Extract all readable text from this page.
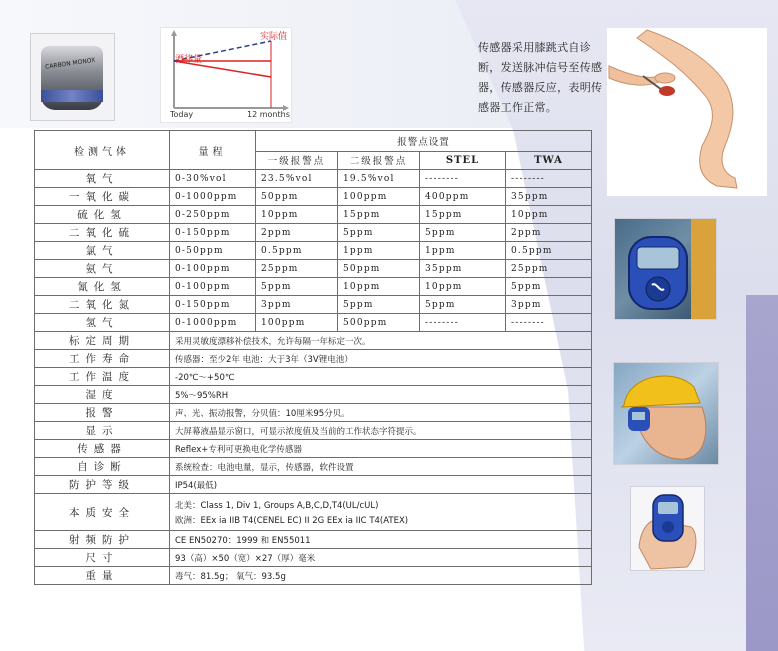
CARBON MONOX	漂移量
实际值
Today	12 months
传感器采用膝跳式自诊断，发送脉冲信号至传感器，传感器反应，表明传感器工作正常。
检测气体	量程	报警点设置			
		一级报警点	二级报警点	STEL	TWA
氧气	0-30%vol	23.5%vol	19.5%vol	--------	--------
一氧化碳	0-1000ppm	50ppm	100ppm	400ppm	35ppm
硫化氢	0-250ppm	10ppm	15ppm	15ppm	10ppm
二氧化硫	0-150ppm	2ppm	5ppm	5ppm	2ppm
氯气	0-50ppm	0.5ppm	1ppm	1ppm	0.5ppm
氨气	0-100ppm	25ppm	50ppm	35ppm	25ppm
氰化氢	0-100ppm	5ppm	10ppm	10ppm	5ppm
二氧化氮	0-150ppm	3ppm	5ppm	5ppm	3ppm
氢气	0-1000ppm	100ppm	500ppm	--------	--------
标定周期	采用灵敏度漂移补偿技术，允许每隔一年标定一次。				
工作寿命	传感器：至少2年 电池：大于3年（3V锂电池）				
工作温度	-20℃～+50℃				
湿度	5%～95%RH				
报警	声、光、振动报警，分贝值：10厘米95分贝。				
显示	大屏幕液晶显示窗口，可显示浓度值及当前的工作状态字符提示。				
传感器	Reflex+专利可更换电化学传感器				
自诊断	系统检查：电池电量，显示，传感器，软件设置				
防护等级	IP54(最低)				
本质安全	北美：Class 1, Div 1, Groups A,B,C,D,T4(UL/cUL)
欧洲：EEx ia IIB T4(CENEL EC) II 2G EEx ia IIC T4(ATEX)				

射频防护	CE EN50270：1999 和 EN55011				
尺寸	93（高）×50（宽）×27（厚）毫米				
重量	毒气：81.5g； 氧气：93.5g				
